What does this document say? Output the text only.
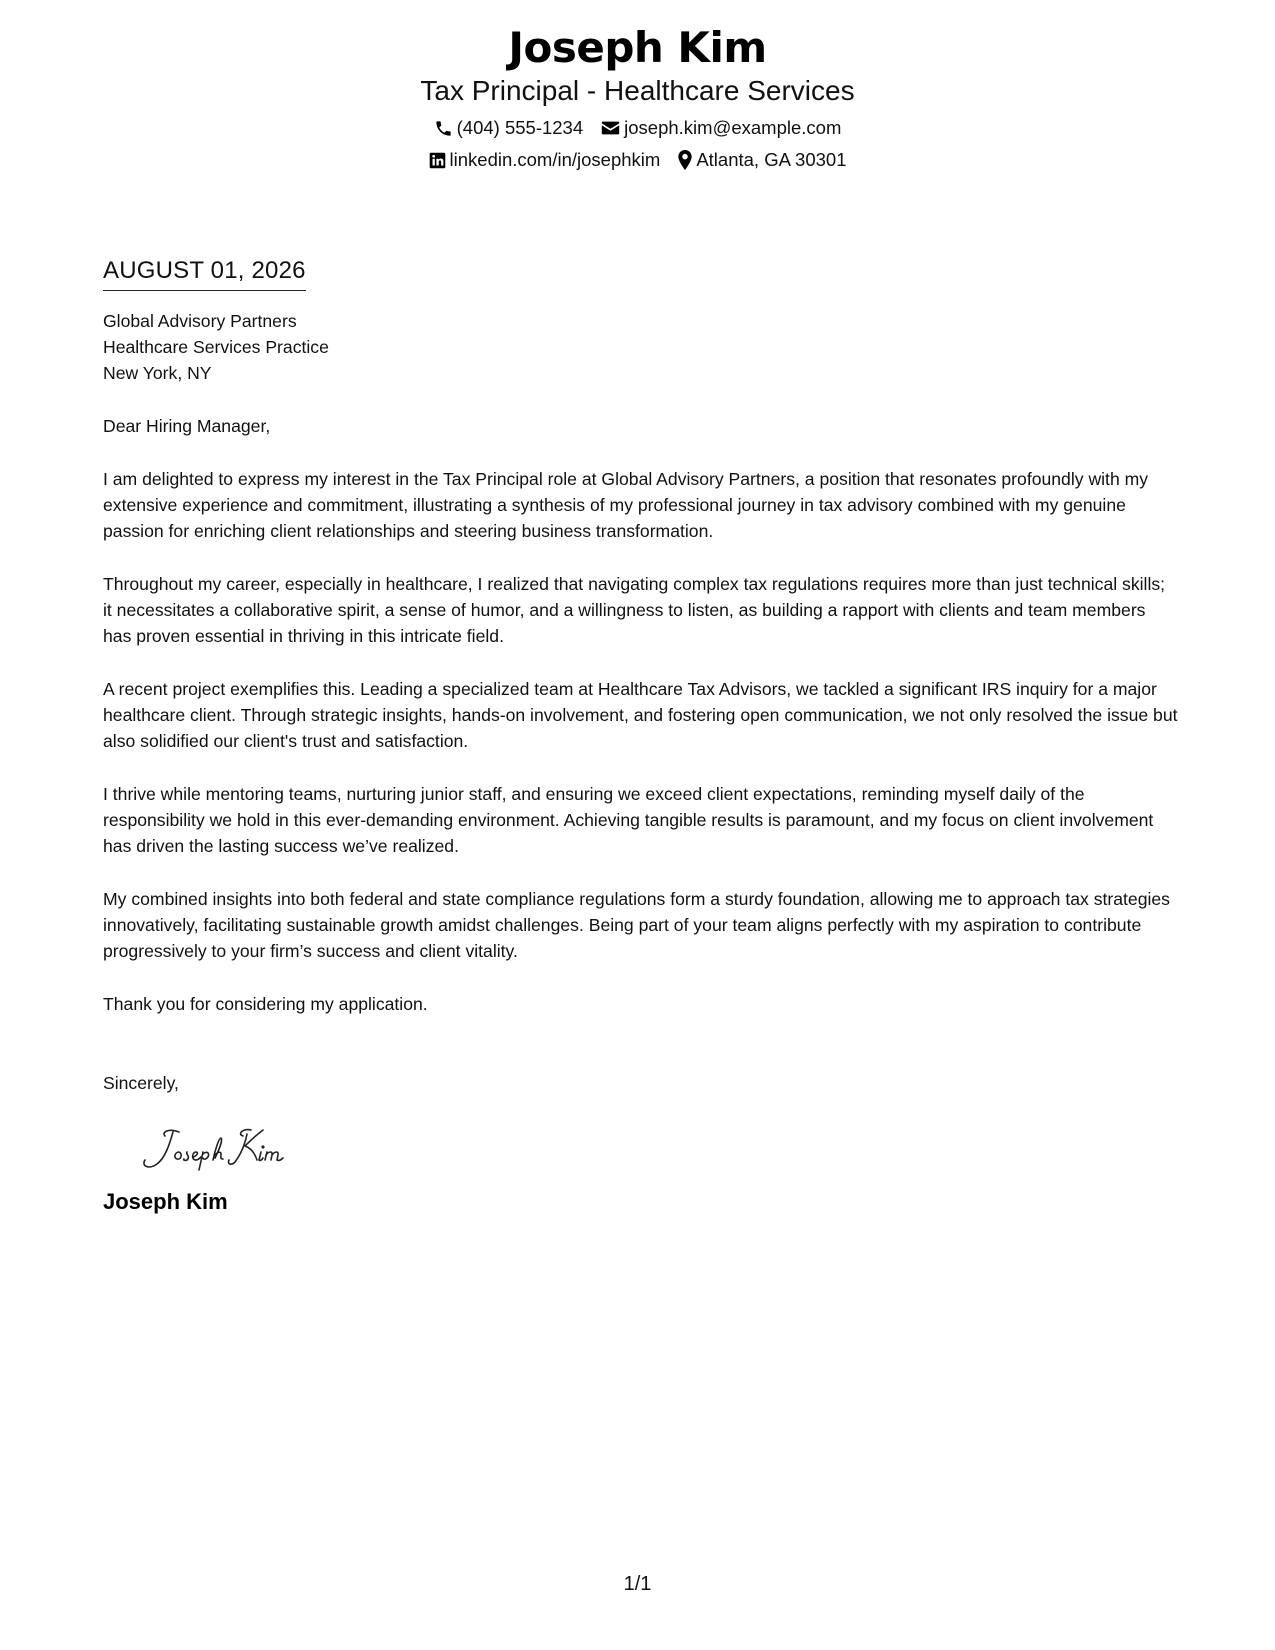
Joseph Kim
Tax Principal - Healthcare Services
(404) 555-1234 joseph.kim@example.com
linkedin.com/in/josephkim Atlanta, GA 30301
AUGUST 01, 2026
Global Advisory Partners
Healthcare Services Practice
New York, NY
Dear Hiring Manager,
I am delighted to express my interest in the Tax Principal role at Global Advisory Partners, a position that resonates profoundly with my extensive experience and commitment, illustrating a synthesis of my professional journey in tax advisory combined with my genuine passion for enriching client relationships and steering business transformation.
Throughout my career, especially in healthcare, I realized that navigating complex tax regulations requires more than just technical skills; it necessitates a collaborative spirit, a sense of humor, and a willingness to listen, as building a rapport with clients and team members has proven essential in thriving in this intricate field.
A recent project exemplifies this. Leading a specialized team at Healthcare Tax Advisors, we tackled a significant IRS inquiry for a major healthcare client. Through strategic insights, hands-on involvement, and fostering open communication, we not only resolved the issue but also solidified our client's trust and satisfaction.
I thrive while mentoring teams, nurturing junior staff, and ensuring we exceed client expectations, reminding myself daily of the responsibility we hold in this ever-demanding environment. Achieving tangible results is paramount, and my focus on client involvement has driven the lasting success we’ve realized.
My combined insights into both federal and state compliance regulations form a sturdy foundation, allowing me to approach tax strategies innovatively, facilitating sustainable growth amidst challenges. Being part of your team aligns perfectly with my aspiration to contribute progressively to your firm’s success and client vitality.
Thank you for considering my application.
Sincerely,
Joseph Kim
1/1
